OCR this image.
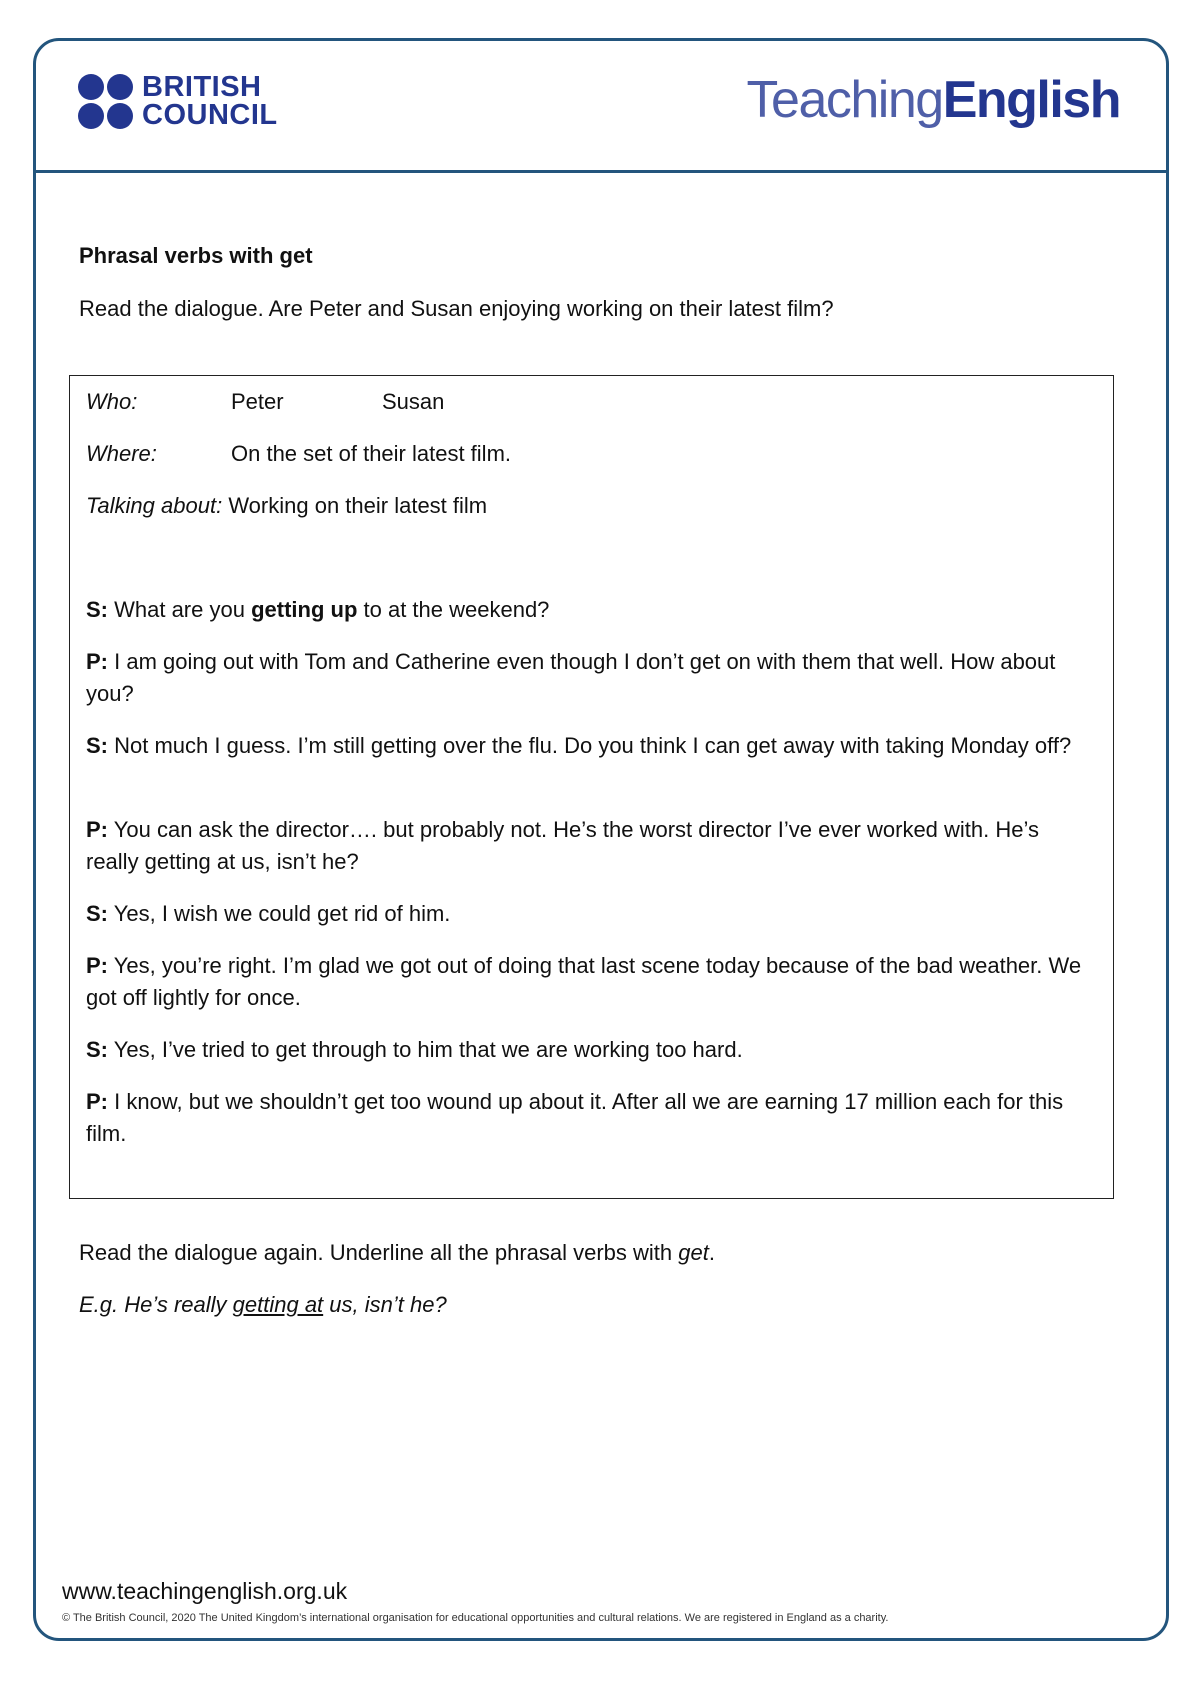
BRITISH
COUNCIL	TeachingEnglish

Phrasal verbs with get

Read the dialogue. Are Peter and Susan enjoying working on their latest film?

Who:	Peter	Susan
Where:	On the set of their latest film.
Talking about:
Working on their latest film

S: What are you getting up to at the weekend?

P: I am going out with Tom and Catherine even though I don’t get on with them that well. How about you?

S: Not much I guess. I’m still getting over the flu. Do you think I can get away with taking Monday off?

P: You can ask the director…. but probably not. He’s the worst director I’ve ever worked with. He’s really getting at us, isn’t he?

S: Yes, I wish we could get rid of him.

P: Yes, you’re right. I’m glad we got out of doing that last scene today because of the bad weather. We got off lightly for once.

S: Yes, I’ve tried to get through to him that we are working too hard.

P: I know, but we shouldn’t get too wound up about it. After all we are earning 17 million each for this film.

Read the dialogue again. Underline all the phrasal verbs with get.

E.g. He’s really getting at us, isn’t he?

www.teachingenglish.org.uk

© The British Council, 2020 The United Kingdom’s international organisation for educational opportunities and cultural relations. We are registered in England as a charity.
